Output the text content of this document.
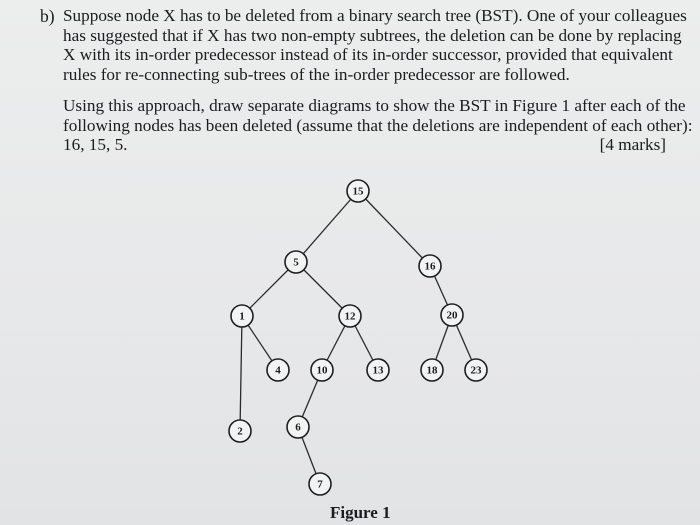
b) Suppose node X has to be deleted from a binary search tree (BST). One of your colleagues
has suggested that if X has two non-empty subtrees, the deletion can be done by replacing
X with its in-order predecessor instead of its in-order successor, provided that equivalent
rules for re-connecting sub-trees of the in-order predecessor are followed.
Using this approach, draw separate diagrams to show the BST in Figure 1 after each of the
following nodes has been deleted (assume that the deletions are independent of each other):
16, 15, 5.	[4 marks]
15
5	16
1	12	20
2
4	10	13	18	23
6
7
Figure 1
